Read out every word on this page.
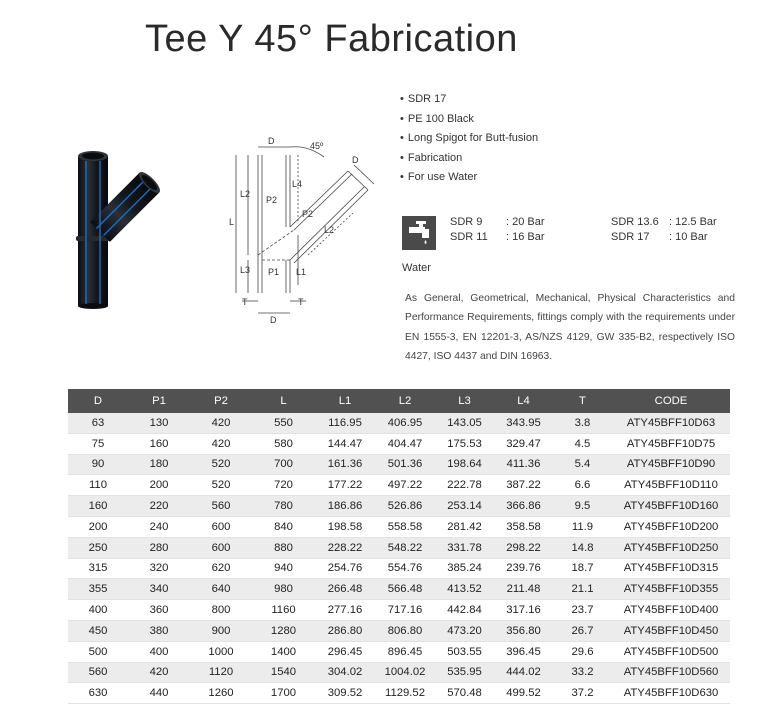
Tee Y 45° Fabrication
D	45º
D
L4
L2
P2
L
P2
L2
L3 P1 L1
T	T
D
• SDR 17
• PE 100 Black
• Long Spigot for Butt-fusion
• Fabrication
• For use Water
Water
SDR 9 : 20 Bar
SDR 11 : 16 Bar
SDR 13.6 : 12.5 Bar
SDR 17 : 10 Bar
As General, Geometrical, Mechanical, Physical Characteristics and Performance Requirements, fittings comply with the requirements under EN 1555-3, EN 12201-3, AS/NZS 4129, GW 335-B2, respectively ISO 4427, ISO 4437 and DIN 16963.
D	P1	P2	L	L1	L2	L3	L4	T	CODE
63	130	420	550	116.95	406.95	143.05	343.95	3.8	ATY45BFF10D63
75	160	420	580	144.47	404.47	175.53	329.47	4.5	ATY45BFF10D75
90	180	520	700	161.36	501.36	198.64	411.36	5.4	ATY45BFF10D90
110	200	520	720	177.22	497.22	222.78	387.22	6.6	ATY45BFF10D110
160	220	560	780	186.86	526.86	253.14	366.86	9.5	ATY45BFF10D160
200	240	600	840	198.58	558.58	281.42	358.58	11.9	ATY45BFF10D200
250	280	600	880	228.22	548.22	331.78	298.22	14.8	ATY45BFF10D250
315	320	620	940	254.76	554.76	385.24	239.76	18.7	ATY45BFF10D315
355	340	640	980	266.48	566.48	413.52	211.48	21.1	ATY45BFF10D355
400	360	800	1160	277.16	717.16	442.84	317.16	23.7	ATY45BFF10D400
450	380	900	1280	286.80	806.80	473.20	356.80	26.7	ATY45BFF10D450
500	400	1000	1400	296.45	896.45	503.55	396.45	29.6	ATY45BFF10D500
560	420	1120	1540	304.02	1004.02	535.95	444.02	33.2	ATY45BFF10D560
630	440	1260	1700	309.52	1129.52	570.48	499.52	37.2	ATY45BFF10D630
